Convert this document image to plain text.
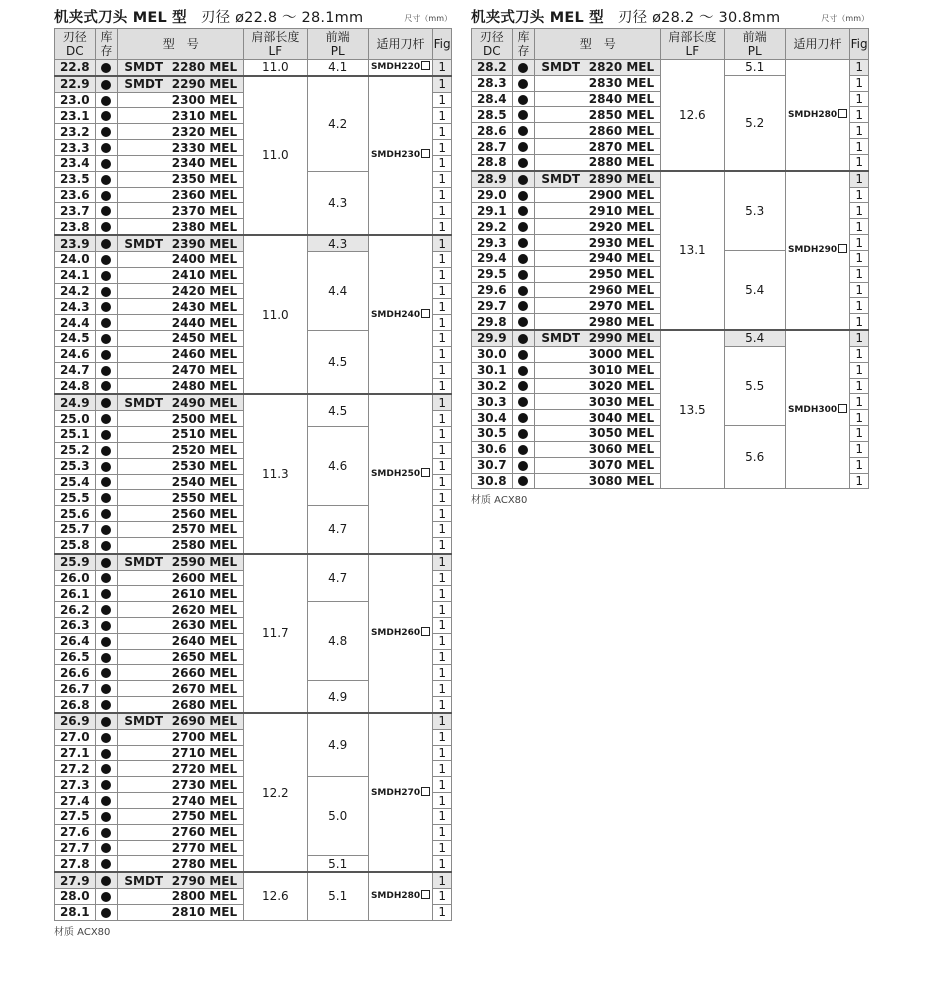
机夹式刀头 MEL 型 刃径 ø22.8 ～ 28.1mm	尺寸（mm）
刃径
DC	库
存	型　号	肩部长度
LF	前端
PL	适用刀杆	Fig
22.8		SMDT 2280 MEL	11.0	4.1	SMDH220	1
22.9		SMDT 2290 MEL	11.0	4.2	SMDH230	1
23.0		2300 MEL				1
23.1		2310 MEL				1
23.2		2320 MEL				1
23.3		2330 MEL				1
23.4		2340 MEL				1
23.5		2350 MEL		4.3		1
23.6		2360 MEL				1
23.7		2370 MEL				1
23.8		2380 MEL				1
23.9		SMDT 2390 MEL	11.0	4.3	SMDH240	1
24.0		2400 MEL		4.4		1
24.1		2410 MEL				1
24.2		2420 MEL				1
24.3		2430 MEL				1
24.4		2440 MEL				1
24.5		2450 MEL		4.5		1
24.6		2460 MEL				1
24.7		2470 MEL				1
24.8		2480 MEL				1
24.9		SMDT 2490 MEL	11.3	4.5	SMDH250	1
25.0		2500 MEL				1
25.1		2510 MEL		4.6		1
25.2		2520 MEL				1
25.3		2530 MEL				1
25.4		2540 MEL				1
25.5		2550 MEL				1
25.6		2560 MEL		4.7		1
25.7		2570 MEL				1
25.8		2580 MEL				1
25.9		SMDT 2590 MEL	11.7	4.7	SMDH260	1
26.0		2600 MEL				1
26.1		2610 MEL				1
26.2		2620 MEL		4.8		1
26.3		2630 MEL				1
26.4		2640 MEL				1
26.5		2650 MEL				1
26.6		2660 MEL				1
26.7		2670 MEL		4.9		1
26.8		2680 MEL				1
26.9		SMDT 2690 MEL	12.2	4.9	SMDH270	1
27.0		2700 MEL				1
27.1		2710 MEL				1
27.2		2720 MEL				1
27.3		2730 MEL		5.0		1
27.4		2740 MEL				1
27.5		2750 MEL				1
27.6		2760 MEL				1
27.7		2770 MEL				1
27.8		2780 MEL		5.1		1
27.9		SMDT 2790 MEL	12.6	5.1	SMDH280	1
28.0		2800 MEL				1
28.1		2810 MEL				1
材质 ACX80
机夹式刀头 MEL 型 刃径 ø28.2 ～ 30.8mm	尺寸（mm）
刃径
DC	库
存	型　号	肩部长度
LF	前端
PL	适用刀杆	Fig
28.2		SMDT 2820 MEL	12.6	5.1	SMDH280	1
28.3		2830 MEL		5.2		1
28.4		2840 MEL				1
28.5		2850 MEL				1
28.6		2860 MEL				1
28.7		2870 MEL				1
28.8		2880 MEL				1
28.9		SMDT 2890 MEL	13.1	5.3	SMDH290	1
29.0		2900 MEL				1
29.1		2910 MEL				1
29.2		2920 MEL				1
29.3		2930 MEL				1
29.4		2940 MEL		5.4		1
29.5		2950 MEL				1
29.6		2960 MEL				1
29.7		2970 MEL				1
29.8		2980 MEL				1
29.9		SMDT 2990 MEL	13.5	5.4	SMDH300	1
30.0		3000 MEL		5.5		1
30.1		3010 MEL				1
30.2		3020 MEL				1
30.3		3030 MEL				1
30.4		3040 MEL				1
30.5		3050 MEL		5.6		1
30.6		3060 MEL				1
30.7		3070 MEL				1
30.8		3080 MEL				1
材质 ACX80
